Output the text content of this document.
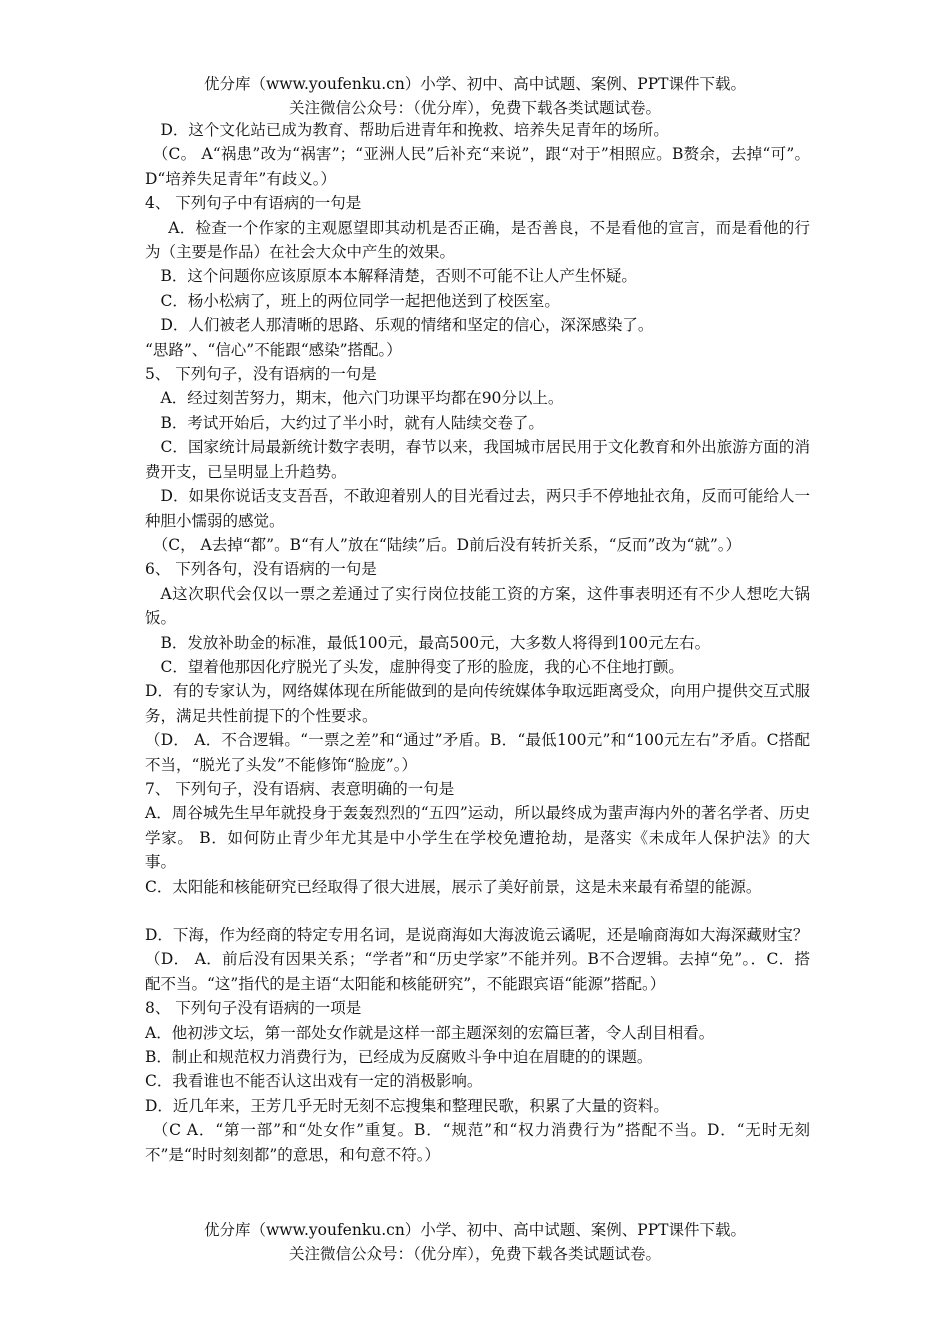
优分库（www.youfenku.cn）小学、初中、高中试题、案例、PPT课件下载。
关注微信公众号：（优分库），免费下载各类试题试卷。

D．这个文化站已成为教育、帮助后进青年和挽救、培养失足青年的场所。

（C。 A“祸患”改为“祸害”；“亚洲人民”后补充“来说”，跟“对于”相照应。B赘余，去掉“可”。D“培养失足青年”有歧义。）

4、 下列句子中有语病的一句是

A．检查一个作家的主观愿望即其动机是否正确，是否善良，不是看他的宣言，而是看他的行为（主要是作品）在社会大众中产生的效果。

B．这个问题你应该原原本本解释清楚，否则不可能不让人产生怀疑。

C．杨小松病了，班上的两位同学一起把他送到了校医室。

D．人们被老人那清晰的思路、乐观的情绪和坚定的信心，深深感染了。

“思路”、“信心”不能跟“感染”搭配。）

5、 下列句子，没有语病的一句是

A．经过刻苦努力，期末，他六门功课平均都在90分以上。

B．考试开始后，大约过了半小时，就有人陆续交卷了。

C．国家统计局最新统计数字表明，春节以来，我国城市居民用于文化教育和外出旅游方面的消费开支，已呈明显上升趋势。

D．如果你说话支支吾吾，不敢迎着别人的目光看过去，两只手不停地扯衣角，反而可能给人一种胆小懦弱的感觉。

（C， A去掉“都”。B“有人”放在“陆续”后。D前后没有转折关系，“反而”改为“就”。）

6、 下列各句，没有语病的一句是

A这次职代会仅以一票之差通过了实行岗位技能工资的方案，这件事表明还有不少人想吃大锅饭。

B．发放补助金的标准，最低100元，最高500元，大多数人将得到100元左右。

C．望着他那因化疗脱光了头发，虚肿得变了形的脸庞，我的心不住地打颤。

D．有的专家认为，网络媒体现在所能做到的是向传统媒体争取远距离受众，向用户提供交互式服务，满足共性前提下的个性要求。

（D． A．不合逻辑。“一票之差”和“通过”矛盾。B．“最低100元”和“100元左右”矛盾。C搭配不当，“脱光了头发”不能修饰“脸庞”。）

7、 下列句子，没有语病、表意明确的一句是

A．周谷城先生早年就投身于轰轰烈烈的“五四”运动，所以最终成为蜚声海内外的著名学者、历史学家。 B．如何防止青少年尤其是中小学生在学校免遭抢劫，是落实《未成年人保护法》的大事。

C．太阳能和核能研究已经取得了很大进展，展示了美好前景，这是未来最有希望的能源。

D．下海，作为经商的特定专用名词，是说商海如大海波诡云谲呢，还是喻商海如大海深藏财宝？

（D． A．前后没有因果关系；“学者”和“历史学家”不能并列。B不合逻辑。去掉“免”。．C．搭配不当。“这”指代的是主语“太阳能和核能研究”，不能跟宾语“能源”搭配。）

8、 下列句子没有语病的一项是

A．他初涉文坛，第一部处女作就是这样一部主题深刻的宏篇巨著，令人刮目相看。

B．制止和规范权力消费行为，已经成为反腐败斗争中迫在眉睫的的课题。

C．我看谁也不能否认这出戏有一定的消极影响。

D．近几年来，王芳几乎无时无刻不忘搜集和整理民歌，积累了大量的资料。

（C A．“第一部”和“处女作”重复。B．“规范”和“权力消费行为”搭配不当。D．“无时无刻不”是“时时刻刻都”的意思，和句意不符。）

优分库（www.youfenku.cn）小学、初中、高中试题、案例、PPT课件下载。
关注微信公众号：（优分库），免费下载各类试题试卷。
